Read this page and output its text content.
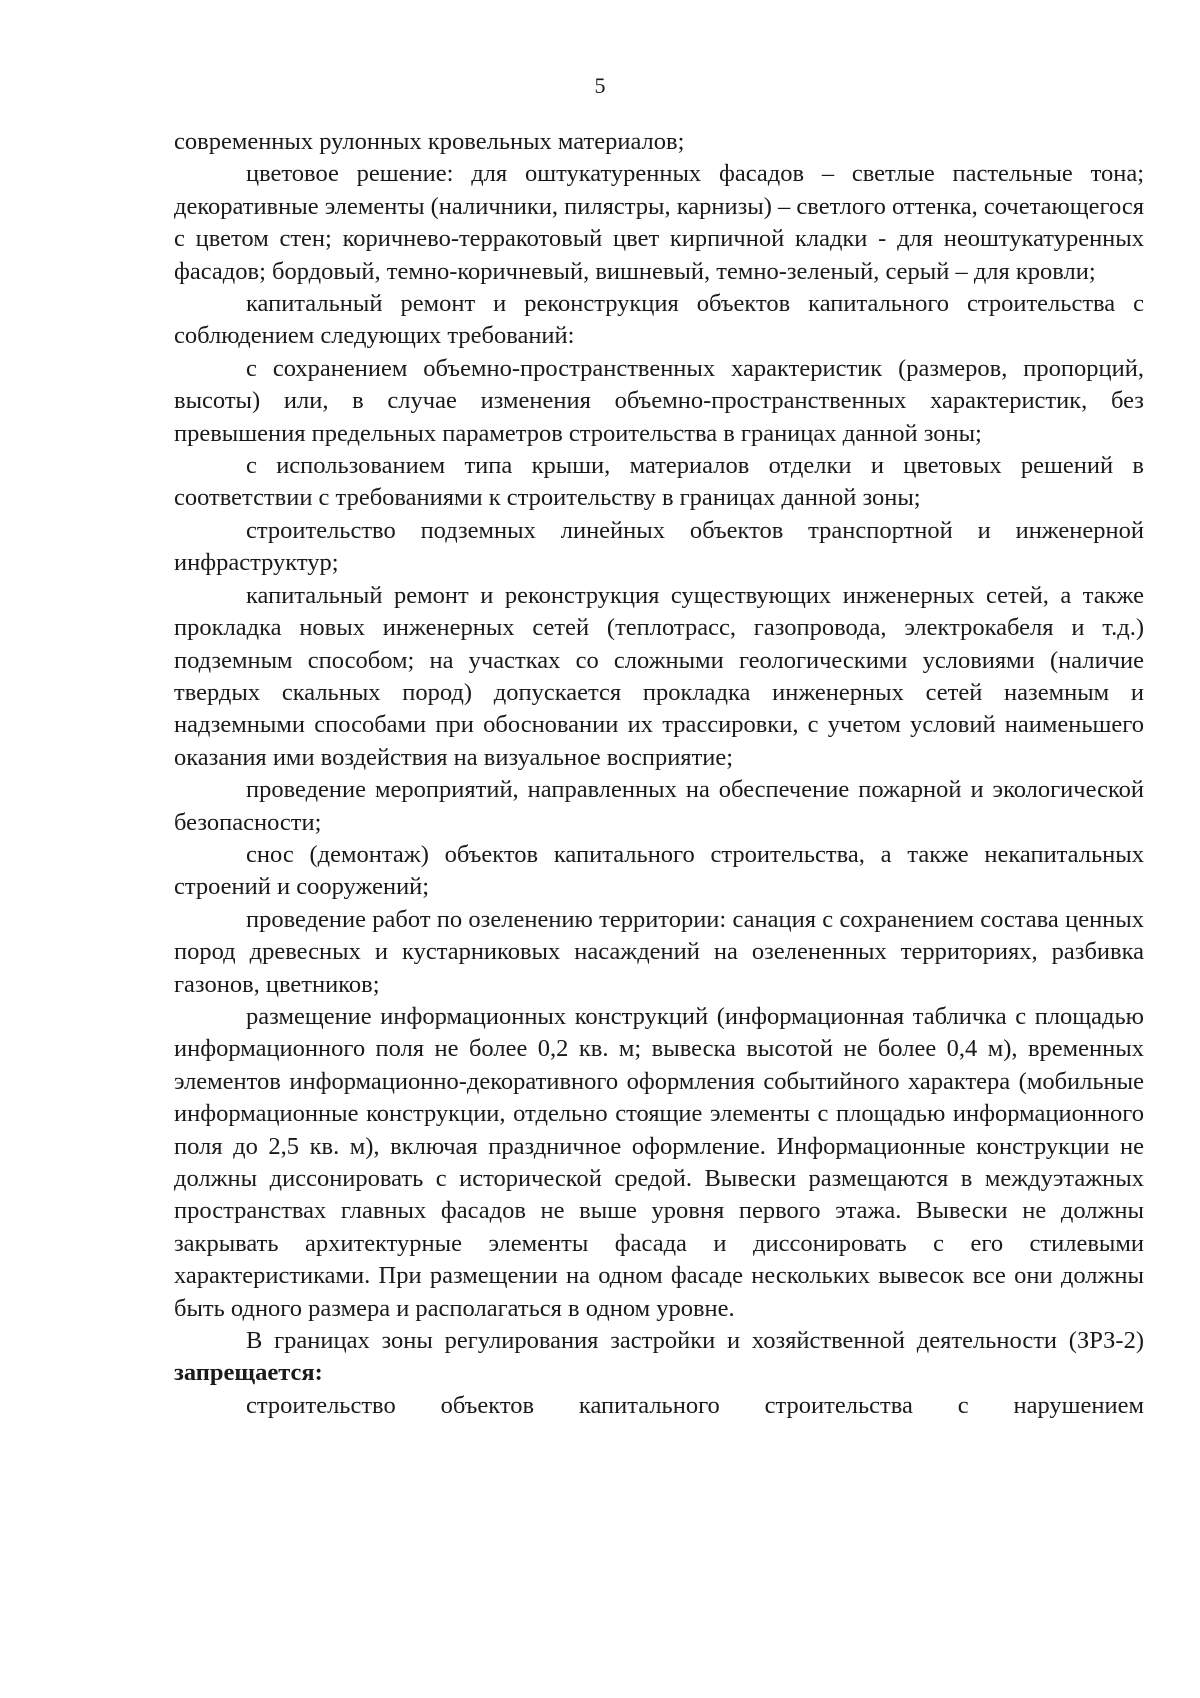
5

современных рулонных кровельных материалов;

цветовое решение: для оштукатуренных фасадов – светлые пастельные тона; декоративные элементы (наличники, пилястры, карнизы) – светлого оттенка, сочетающегося с цветом стен; коричнево-терракотовый цвет кирпичной кладки - для неоштукатуренных фасадов; бордовый, темно-коричневый, вишневый, темно-зеленый, серый – для кровли;

капитальный ремонт и реконструкция объектов капитального строительства с соблюдением следующих требований:

с сохранением объемно-пространственных характеристик (размеров, пропорций, высоты) или, в случае изменения объемно-пространственных характеристик, без превышения предельных параметров строительства в границах данной зоны;

с использованием типа крыши, материалов отделки и цветовых решений в соответствии с требованиями к строительству в границах данной зоны;

строительство подземных линейных объектов транспортной и инженерной инфраструктур;

капитальный ремонт и реконструкция существующих инженерных сетей, а также прокладка новых инженерных сетей (теплотрасс, газопровода, электрокабеля и т.д.) подземным способом; на участках со сложными геологическими условиями (наличие твердых скальных пород) допускается прокладка инженерных сетей наземным и надземными способами при обосновании их трассировки, с учетом условий наименьшего оказания ими воздействия на визуальное восприятие;

проведение мероприятий, направленных на обеспечение пожарной и экологической безопасности;

снос (демонтаж) объектов капитального строительства, а также некапитальных строений и сооружений;

проведение работ по озеленению территории: санация с сохранением состава ценных пород древесных и кустарниковых насаждений на озелененных территориях, разбивка газонов, цветников;

размещение информационных конструкций (информационная табличка с площадью информационного поля не более 0,2 кв. м; вывеска высотой не более 0,4 м), временных элементов информационно-декоративного оформления событийного характера (мобильные информационные конструкции, отдельно стоящие элементы с площадью информационного поля до 2,5 кв. м), включая праздничное оформление. Информационные конструкции не должны диссонировать с исторической средой. Вывески размещаются в междуэтажных пространствах главных фасадов не выше уровня первого этажа. Вывески не должны закрывать архитектурные элементы фасада и диссонировать с его стилевыми характеристиками. При размещении на одном фасаде нескольких вывесок все они должны быть одного размера и располагаться в одном уровне.

В границах зоны регулирования застройки и хозяйственной деятельности (ЗРЗ-2) запрещается:

строительство объектов капитального строительства с нарушением
